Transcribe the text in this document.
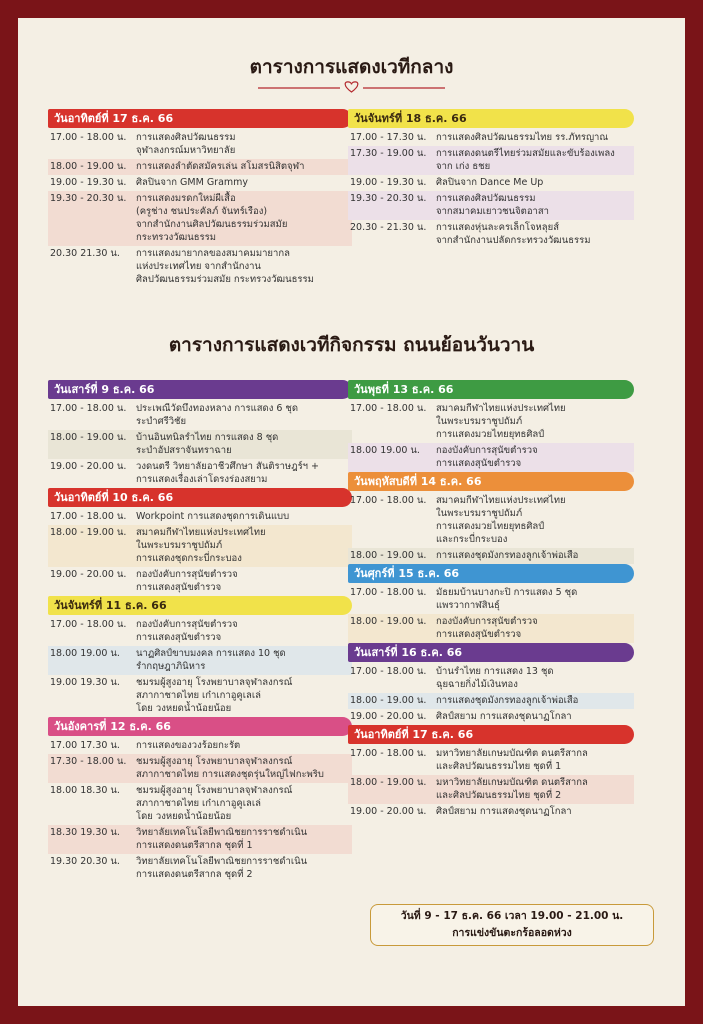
ตารางการแสดงเวทีกลาง
วันอาทิตย์ที่ 17 ธ.ค. 66
17.00 - 18.00 น.	การแสดงศิลปวัฒนธรรม
จุฬาลงกรณ์มหาวิทยาลัย
18.00 - 19.00 น.	การแสดงลำตัดสมัครเล่น สโมสรนิสิตจุฬา
19.00 - 19.30 น.	ศิลปินจาก GMM Grammy
19.30 - 20.30 น.	การแสดงมรดกใหม่ผีเสื้อ
(ครูช่าง ชนประคัลภ์ จันทร์เรือง)
จากสำนักงานศิลปวัฒนธรรมร่วมสมัย
กระทรวงวัฒนธรรม
20.30 21.30 น.	การแสดงมายากลของสมาคมมายากล
แห่งประเทศไทย จากสำนักงาน
ศิลปวัฒนธรรมร่วมสมัย กระทรวงวัฒนธรรม
วันจันทร์ที่ 18 ธ.ค. 66
17.00 - 17.30 น.	การแสดงศิลปวัฒนธรรมไทย รร.ภัทรญาณ
17.30 - 19.00 น.	การแสดงดนตรีไทยร่วมสมัยและขับร้องเพลง
จาก เก่ง ธชย
19.00 - 19.30 น.	ศิลปินจาก Dance Me Up
19.30 - 20.30 น.	การแสดงศิลปวัฒนธรรม
จากสมาคมเยาวชนจิตอาสา
20.30 - 21.30 น.	การแสดงหุ่นละครเล็กโจหลุยส์
จากสำนักงานปลัดกระทรวงวัฒนธรรม
ตารางการแสดงเวทีกิจกรรม ถนนย้อนวันวาน
วันเสาร์ที่ 9 ธ.ค. 66
17.00 - 18.00 น.	ประเพณีวัดบึงทองหลาง การแสดง 6 ชุด
ระบำศรีวิชัย
18.00 - 19.00 น.	บ้านอินทนิลรำไทย การแสดง 8 ชุด
ระบำอัปสราจันทราฉาย
19.00 - 20.00 น.	วงดนตรี วิทยาลัยอาชีวศึกษา สันติราษฎร์ฯ +
การแสดงเรื่องเล่าโดรงร่องสยาม
วันอาทิตย์ที่ 10 ธ.ค. 66
17.00 - 18.00 น.	Workpoint การแสดงชุดการเดินแบบ
18.00 - 19.00 น.	สมาคมกีฬาไทยแห่งประเทศไทย
ในพระบรมราชูปถัมภ์
การแสดงชุดกระบี่กระบอง
19.00 - 20.00 น.	กองบังคับการสุนัขตำรวจ
การแสดงสุนัขตำรวจ
วันจันทร์ที่ 11 ธ.ค. 66
17.00 - 18.00 น.	กองบังคับการสุนัขตำรวจ
การแสดงสุนัขตำรวจ
18.00 19.00 น.	นาฏศิลป์ขาบมงคล การแสดง 10 ชุด
รำกฤษฎาภินิหาร
19.00 19.30 น.	ชมรมผู้สูงอายุ โรงพยาบาลจุฬาลงกรณ์
สภากาชาดไทย เก๋าเกาอูคูเลเล่
โดย วงหยดน้ำน้อยน้อย
วันอังคารที่ 12 ธ.ค. 66
17.00 17.30 น.	การแสดงของวงร้อยกะรัต
17.30 - 18.00 น.	ชมรมผู้สูงอายุ โรงพยาบาลจุฬาลงกรณ์
สภากาชาดไทย การแสดงชุดรุ่นใหญ่ไฟกะพริบ
18.00 18.30 น.	ชมรมผู้สูงอายุ โรงพยาบาลจุฬาลงกรณ์
สภากาชาดไทย เก๋าเกาอูคูเลเล่
โดย วงหยดน้ำน้อยน้อย
18.30 19.30 น.	วิทยาลัยเทคโนโลยีพาณิชยการราชดำเนิน
การแสดงดนตรีสากล ชุดที่ 1
19.30 20.30 น.	วิทยาลัยเทคโนโลยีพาณิชยการราชดำเนิน
การแสดงดนตรีสากล ชุดที่ 2
วันพุธที่ 13 ธ.ค. 66
17.00 - 18.00 น.	สมาคมกีฬาไทยแห่งประเทศไทย
ในพระบรมราชูปถัมภ์
การแสดงมวยไทยยุทธศิลป์
18.00 19.00 น.	กองบังคับการสุนัขตำรวจ
การแสดงสุนัขตำรวจ
วันพฤหัสบดีที่ 14 ธ.ค. 66
17.00 - 18.00 น.	สมาคมกีฬาไทยแห่งประเทศไทย
ในพระบรมราชูปถัมภ์
การแสดงมวยไทยยุทธศิลป์
และกระบี่กระบอง
18.00 - 19.00 น.	การแสดงชุดมังกรทองลูกเจ้าพ่อเสือ
วันศุกร์ที่ 15 ธ.ค. 66
17.00 - 18.00 น.	มัธยมบ้านบางกะปิ การแสดง 5 ชุด
แพรวากาฬสินธุ์
18.00 - 19.00 น.	กองบังคับการสุนัขตำรวจ
การแสดงสุนัขตำรวจ
วันเสาร์ที่ 16 ธ.ค. 66
17.00 - 18.00 น.	บ้านรำไทย การแสดง 13 ชุด
ฉุยฉายกิ่งไม้เงินทอง
18.00 - 19.00 น.	การแสดงชุดมังกรทองลูกเจ้าพ่อเสือ
19.00 - 20.00 น.	ศิลป์สยาม การแสดงชุดนาฏโกลา
วันอาทิตย์ที่ 17 ธ.ค. 66
17.00 - 18.00 น.	มหาวิทยาลัยเกษมบัณฑิต ดนตรีสากล
และศิลปวัฒนธรรมไทย ชุดที่ 1
18.00 - 19.00 น.	มหาวิทยาลัยเกษมบัณฑิต ดนตรีสากล
และศิลปวัฒนธรรมไทย ชุดที่ 2
19.00 - 20.00 น.	ศิลป์สยาม การแสดงชุดนาฏโกลา
วันที่ 9 - 17 ธ.ค. 66 เวลา 19.00 - 21.00 น.
การแข่งขันตะกร้อลอดห่วง
